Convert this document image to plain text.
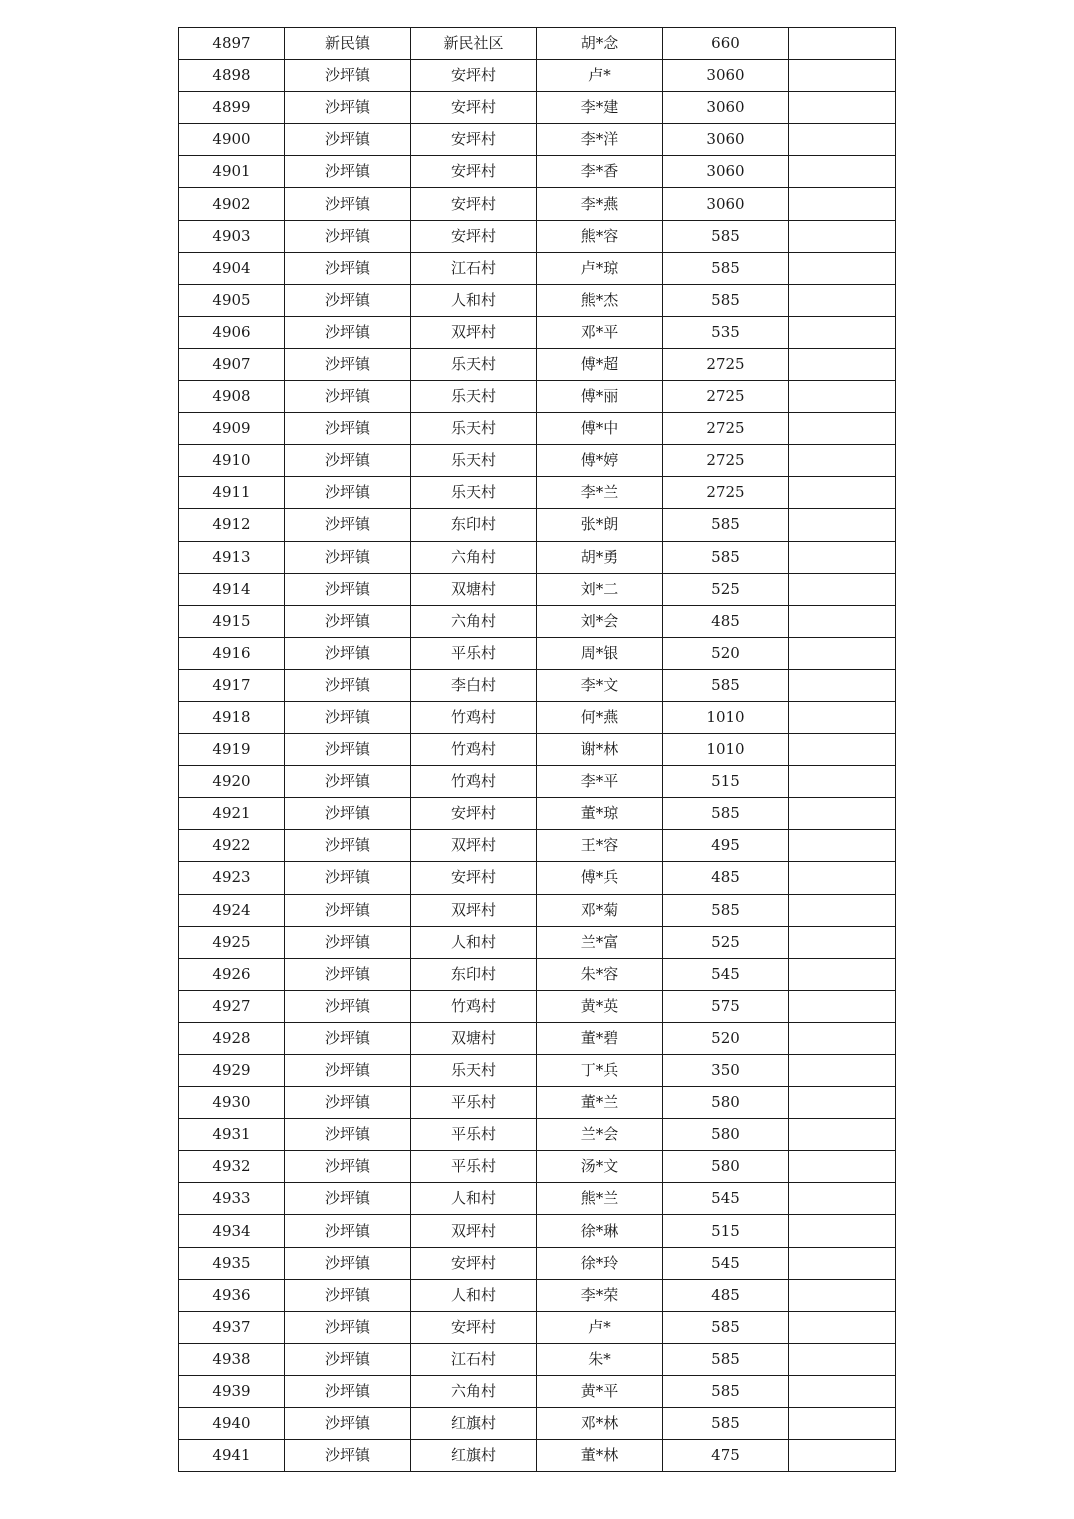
4897	新民镇	新民社区	胡*念	660	
4898	沙坪镇	安坪村	卢*	3060	
4899	沙坪镇	安坪村	李*建	3060	
4900	沙坪镇	安坪村	李*洋	3060	
4901	沙坪镇	安坪村	李*香	3060	
4902	沙坪镇	安坪村	李*燕	3060	
4903	沙坪镇	安坪村	熊*容	585	
4904	沙坪镇	江石村	卢*琼	585	
4905	沙坪镇	人和村	熊*杰	585	
4906	沙坪镇	双坪村	邓*平	535	
4907	沙坪镇	乐天村	傅*超	2725	
4908	沙坪镇	乐天村	傅*丽	2725	
4909	沙坪镇	乐天村	傅*中	2725	
4910	沙坪镇	乐天村	傅*婷	2725	
4911	沙坪镇	乐天村	李*兰	2725	
4912	沙坪镇	东印村	张*朗	585	
4913	沙坪镇	六角村	胡*勇	585	
4914	沙坪镇	双塘村	刘*二	525	
4915	沙坪镇	六角村	刘*会	485	
4916	沙坪镇	平乐村	周*银	520	
4917	沙坪镇	李白村	李*文	585	
4918	沙坪镇	竹鸡村	何*燕	1010	
4919	沙坪镇	竹鸡村	谢*林	1010	
4920	沙坪镇	竹鸡村	李*平	515	
4921	沙坪镇	安坪村	董*琼	585	
4922	沙坪镇	双坪村	王*容	495	
4923	沙坪镇	安坪村	傅*兵	485	
4924	沙坪镇	双坪村	邓*菊	585	
4925	沙坪镇	人和村	兰*富	525	
4926	沙坪镇	东印村	朱*容	545	
4927	沙坪镇	竹鸡村	黄*英	575	
4928	沙坪镇	双塘村	董*碧	520	
4929	沙坪镇	乐天村	丁*兵	350	
4930	沙坪镇	平乐村	董*兰	580	
4931	沙坪镇	平乐村	兰*会	580	
4932	沙坪镇	平乐村	汤*文	580	
4933	沙坪镇	人和村	熊*兰	545	
4934	沙坪镇	双坪村	徐*琳	515	
4935	沙坪镇	安坪村	徐*玲	545	
4936	沙坪镇	人和村	李*荣	485	
4937	沙坪镇	安坪村	卢*	585	
4938	沙坪镇	江石村	朱*	585	
4939	沙坪镇	六角村	黄*平	585	
4940	沙坪镇	红旗村	邓*林	585	
4941	沙坪镇	红旗村	董*林	475	
